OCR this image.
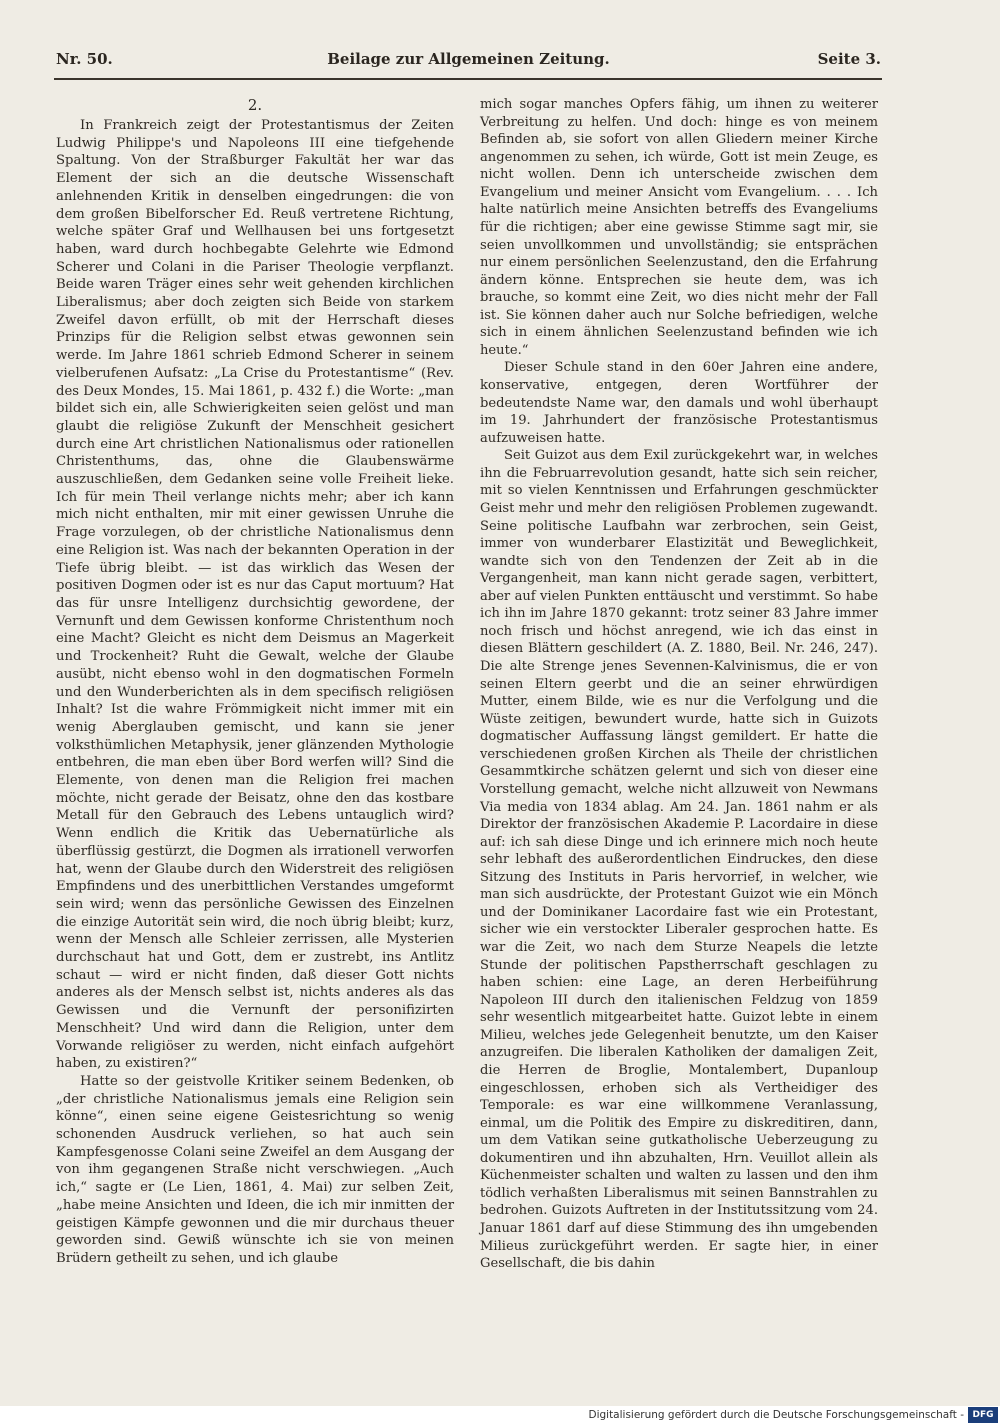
Nr. 50.	Beilage zur Allgemeinen Zeitung.	Seite 3.
2.

In Frankreich zeigt der Protestantismus der Zeiten Ludwig Philippe's und Napoleons III eine tiefgehende Spaltung. Von der Straßburger Fakultät her war das Element der sich an die deutsche Wissenschaft anlehnenden Kritik in denselben eingedrungen: die von dem großen Bibelforscher Ed. Reuß vertretene Richtung, welche später Graf und Wellhausen bei uns fortgesetzt haben, ward durch hochbegabte Gelehrte wie Edmond Scherer und Colani in die Pariser Theologie verpflanzt. Beide waren Träger eines sehr weit gehenden kirchlichen Liberalismus; aber doch zeigten sich Beide von starkem Zweifel davon erfüllt, ob mit der Herrschaft dieses Prinzips für die Religion selbst etwas gewonnen sein werde. Im Jahre 1861 schrieb Edmond Scherer in seinem vielberufenen Aufsatz: „La Crise du Protestantisme“ (Rev. des Deux Mondes, 15. Mai 1861, p. 432 f.) die Worte: „man bildet sich ein, alle Schwierigkeiten seien gelöst und man glaubt die religiöse Zukunft der Menschheit gesichert durch eine Art christlichen Nationalismus oder rationellen Christenthums, das, ohne die Glaubenswärme auszuschließen, dem Gedanken seine volle Freiheit lieke. Ich für mein Theil verlange nichts mehr; aber ich kann mich nicht enthalten, mir mit einer gewissen Unruhe die Frage vorzulegen, ob der christliche Nationalismus denn eine Religion ist. Was nach der bekannten Operation in der Tiefe übrig bleibt. — ist das wirklich das Wesen der positiven Dogmen oder ist es nur das Caput mortuum? Hat das für unsre Intelligenz durchsichtig gewordene, der Vernunft und dem Gewissen konforme Christenthum noch eine Macht? Gleicht es nicht dem Deismus an Magerkeit und Trockenheit? Ruht die Gewalt, welche der Glaube ausübt, nicht ebenso wohl in den dogmatischen Formeln und den Wunderberichten als in dem specifisch religiösen Inhalt? Ist die wahre Frömmigkeit nicht immer mit ein wenig Aberglauben gemischt, und kann sie jener volksthümlichen Metaphysik, jener glänzenden Mythologie entbehren, die man eben über Bord werfen will? Sind die Elemente, von denen man die Religion frei machen möchte, nicht gerade der Beisatz, ohne den das kostbare Metall für den Gebrauch des Lebens untauglich wird? Wenn endlich die Kritik das Uebernatürliche als überflüssig gestürzt, die Dogmen als irrationell verworfen hat, wenn der Glaube durch den Widerstreit des religiösen Empfindens und des unerbittlichen Verstandes umgeformt sein wird; wenn das persönliche Gewissen des Einzelnen die einzige Autorität sein wird, die noch übrig bleibt; kurz, wenn der Mensch alle Schleier zerrissen, alle Mysterien durchschaut hat und Gott, dem er zustrebt, ins Antlitz schaut — wird er nicht finden, daß dieser Gott nichts anderes als der Mensch selbst ist, nichts anderes als das Gewissen und die Vernunft der personifizirten Menschheit? Und wird dann die Religion, unter dem Vorwande religiöser zu werden, nicht einfach aufgehört haben, zu existiren?“

Hatte so der geistvolle Kritiker seinem Bedenken, ob „der christliche Nationalismus jemals eine Religion sein könne“, einen seine eigene Geistesrichtung so wenig schonenden Ausdruck verliehen, so hat auch sein Kampfesgenosse Colani seine Zweifel an dem Ausgang der von ihm gegangenen Straße nicht verschwiegen. „Auch ich,“ sagte er (Le Lien, 1861, 4. Mai) zur selben Zeit, „habe meine Ansichten und Ideen, die ich mir inmitten der geistigen Kämpfe gewonnen und die mir durchaus theuer geworden sind. Gewiß wünschte ich sie von meinen Brüdern getheilt zu sehen, und ich glaube

mich sogar manches Opfers fähig, um ihnen zu weiterer Verbreitung zu helfen. Und doch: hinge es von meinem Befinden ab, sie sofort von allen Gliedern meiner Kirche angenommen zu sehen, ich würde, Gott ist mein Zeuge, es nicht wollen. Denn ich unterscheide zwischen dem Evangelium und meiner Ansicht vom Evangelium. . . . Ich halte natürlich meine Ansichten betreffs des Evangeliums für die richtigen; aber eine gewisse Stimme sagt mir, sie seien unvollkommen und unvollständig; sie entsprächen nur einem persönlichen Seelenzustand, den die Erfahrung ändern könne. Entsprechen sie heute dem, was ich brauche, so kommt eine Zeit, wo dies nicht mehr der Fall ist. Sie können daher auch nur Solche befriedigen, welche sich in einem ähnlichen Seelenzustand befinden wie ich heute.“

Dieser Schule stand in den 60er Jahren eine andere, konservative, entgegen, deren Wortführer der bedeutendste Name war, den damals und wohl überhaupt im 19. Jahrhundert der französische Protestantismus aufzuweisen hatte.

Seit Guizot aus dem Exil zurückgekehrt war, in welches ihn die Februarrevolution gesandt, hatte sich sein reicher, mit so vielen Kenntnissen und Erfahrungen geschmückter Geist mehr und mehr den religiösen Problemen zugewandt. Seine politische Laufbahn war zerbrochen, sein Geist, immer von wunderbarer Elastizität und Beweglichkeit, wandte sich von den Tendenzen der Zeit ab in die Vergangenheit, man kann nicht gerade sagen, verbittert, aber auf vielen Punkten enttäuscht und verstimmt. So habe ich ihn im Jahre 1870 gekannt: trotz seiner 83 Jahre immer noch frisch und höchst anregend, wie ich das einst in diesen Blättern geschildert (A. Z. 1880, Beil. Nr. 246, 247). Die alte Strenge jenes Sevennen-Kalvinismus, die er von seinen Eltern geerbt und die an seiner ehrwürdigen Mutter, einem Bilde, wie es nur die Verfolgung und die Wüste zeitigen, bewundert wurde, hatte sich in Guizots dogmatischer Auffassung längst gemildert. Er hatte die verschiedenen großen Kirchen als Theile der christlichen Gesammtkirche schätzen gelernt und sich von dieser eine Vorstellung gemacht, welche nicht allzuweit von Newmans Via media von 1834 ablag. Am 24. Jan. 1861 nahm er als Direktor der französischen Akademie P. Lacordaire in diese auf: ich sah diese Dinge und ich erinnere mich noch heute sehr lebhaft des außerordentlichen Eindruckes, den diese Sitzung des Instituts in Paris hervorrief, in welcher, wie man sich ausdrückte, der Protestant Guizot wie ein Mönch und der Dominikaner Lacordaire fast wie ein Protestant, sicher wie ein verstockter Liberaler gesprochen hatte. Es war die Zeit, wo nach dem Sturze Neapels die letzte Stunde der politischen Papstherrschaft geschlagen zu haben schien: eine Lage, an deren Herbeiführung Napoleon III durch den italienischen Feldzug von 1859 sehr wesentlich mitgearbeitet hatte. Guizot lebte in einem Milieu, welches jede Gelegenheit benutzte, um den Kaiser anzugreifen. Die liberalen Katholiken der damaligen Zeit, die Herren de Broglie, Montalembert, Dupanloup eingeschlossen, erhoben sich als Vertheidiger des Temporale: es war eine willkommene Veranlassung, einmal, um die Politik des Empire zu diskreditiren, dann, um dem Vatikan seine gutkatholische Ueberzeugung zu dokumentiren und ihn abzuhalten, Hrn. Veuillot allein als Küchenmeister schalten und walten zu lassen und den ihm tödlich verhaßten Liberalismus mit seinen Bannstrahlen zu bedrohen. Guizots Auftreten in der Institutssitzung vom 24. Januar 1861 darf auf diese Stimmung des ihn umgebenden Milieus zurückgeführt werden. Er sagte hier, in einer Gesellschaft, die bis dahin

Digitalisierung gefördert durch die Deutsche Forschungsgemeinschaft - DFG
